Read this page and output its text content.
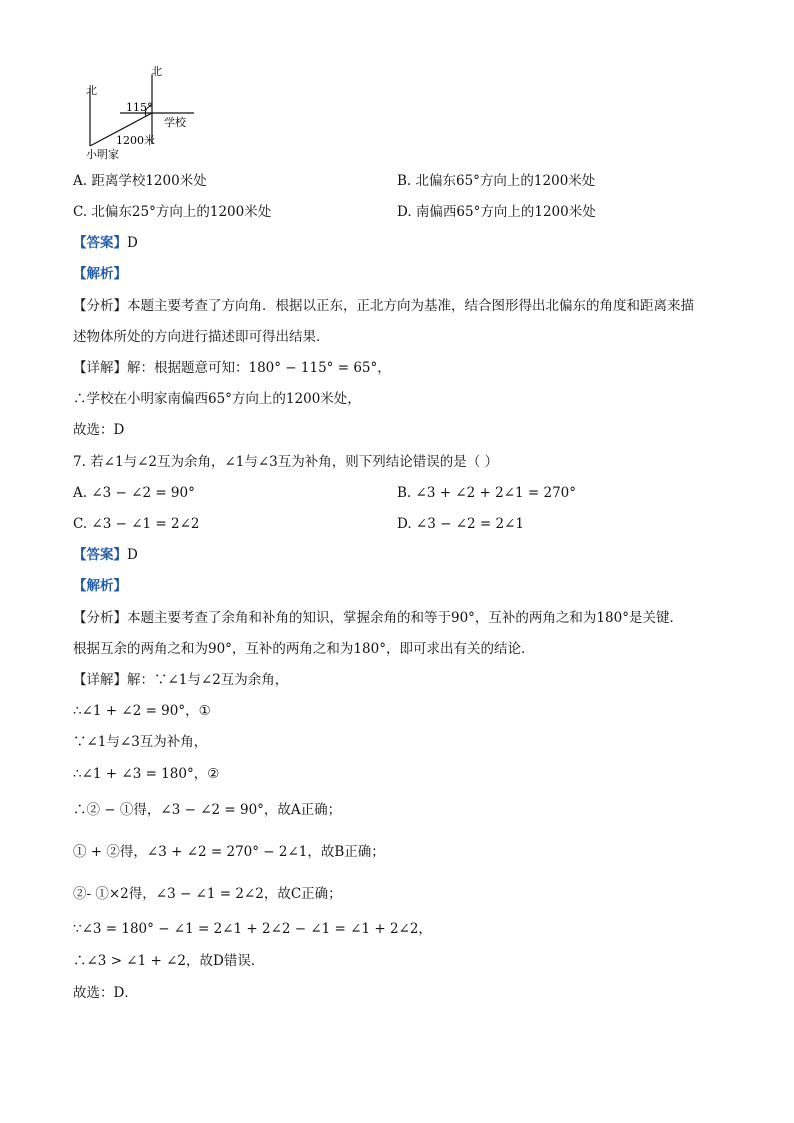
北
北
115°
学校
1200米
小明家
A. 距离学校1200米处	B. 北偏东65°方向上的1200米处
C. 北偏东25°方向上的1200米处	D. 南偏西65°方向上的1200米处
【答案】D
【解析】
【分析】本题主要考查了方向角．根据以正东，正北方向为基准，结合图形得出北偏东的角度和距离来描
述物体所处的方向进行描述即可得出结果．
【详解】解：根据题意可知：180° − 115° = 65°，
∴学校在小明家南偏西65°方向上的1200米处，
故选：D
7. 若∠1与∠2互为余角，∠1与∠3互为补角，则下列结论错误的是（ ）
A. ∠3 − ∠2 = 90°	B. ∠3 + ∠2 + 2∠1 = 270°
C. ∠3 − ∠1 = 2∠2	D. ∠3 − ∠2 = 2∠1
【答案】D
【解析】
【分析】本题主要考查了余角和补角的知识，掌握余角的和等于90°，互补的两角之和为180°是关键．
根据互余的两角之和为90°，互补的两角之和为180°，即可求出有关的结论．
【详解】解：∵∠1与∠2互为余角，
∴∠1 + ∠2 = 90°，①
∵∠1与∠3互为补角，
∴∠1 + ∠3 = 180°，②
∴② − ①得，∠3 − ∠2 = 90°，故A正确；
① + ②得，∠3 + ∠2 = 270° − 2∠1，故B正确；
②- ①×2得，∠3 − ∠1 = 2∠2，故C正确；
∵∠3 = 180° − ∠1 = 2∠1 + 2∠2 − ∠1 = ∠1 + 2∠2，
∴∠3 > ∠1 + ∠2，故D错误．
故选：D．
